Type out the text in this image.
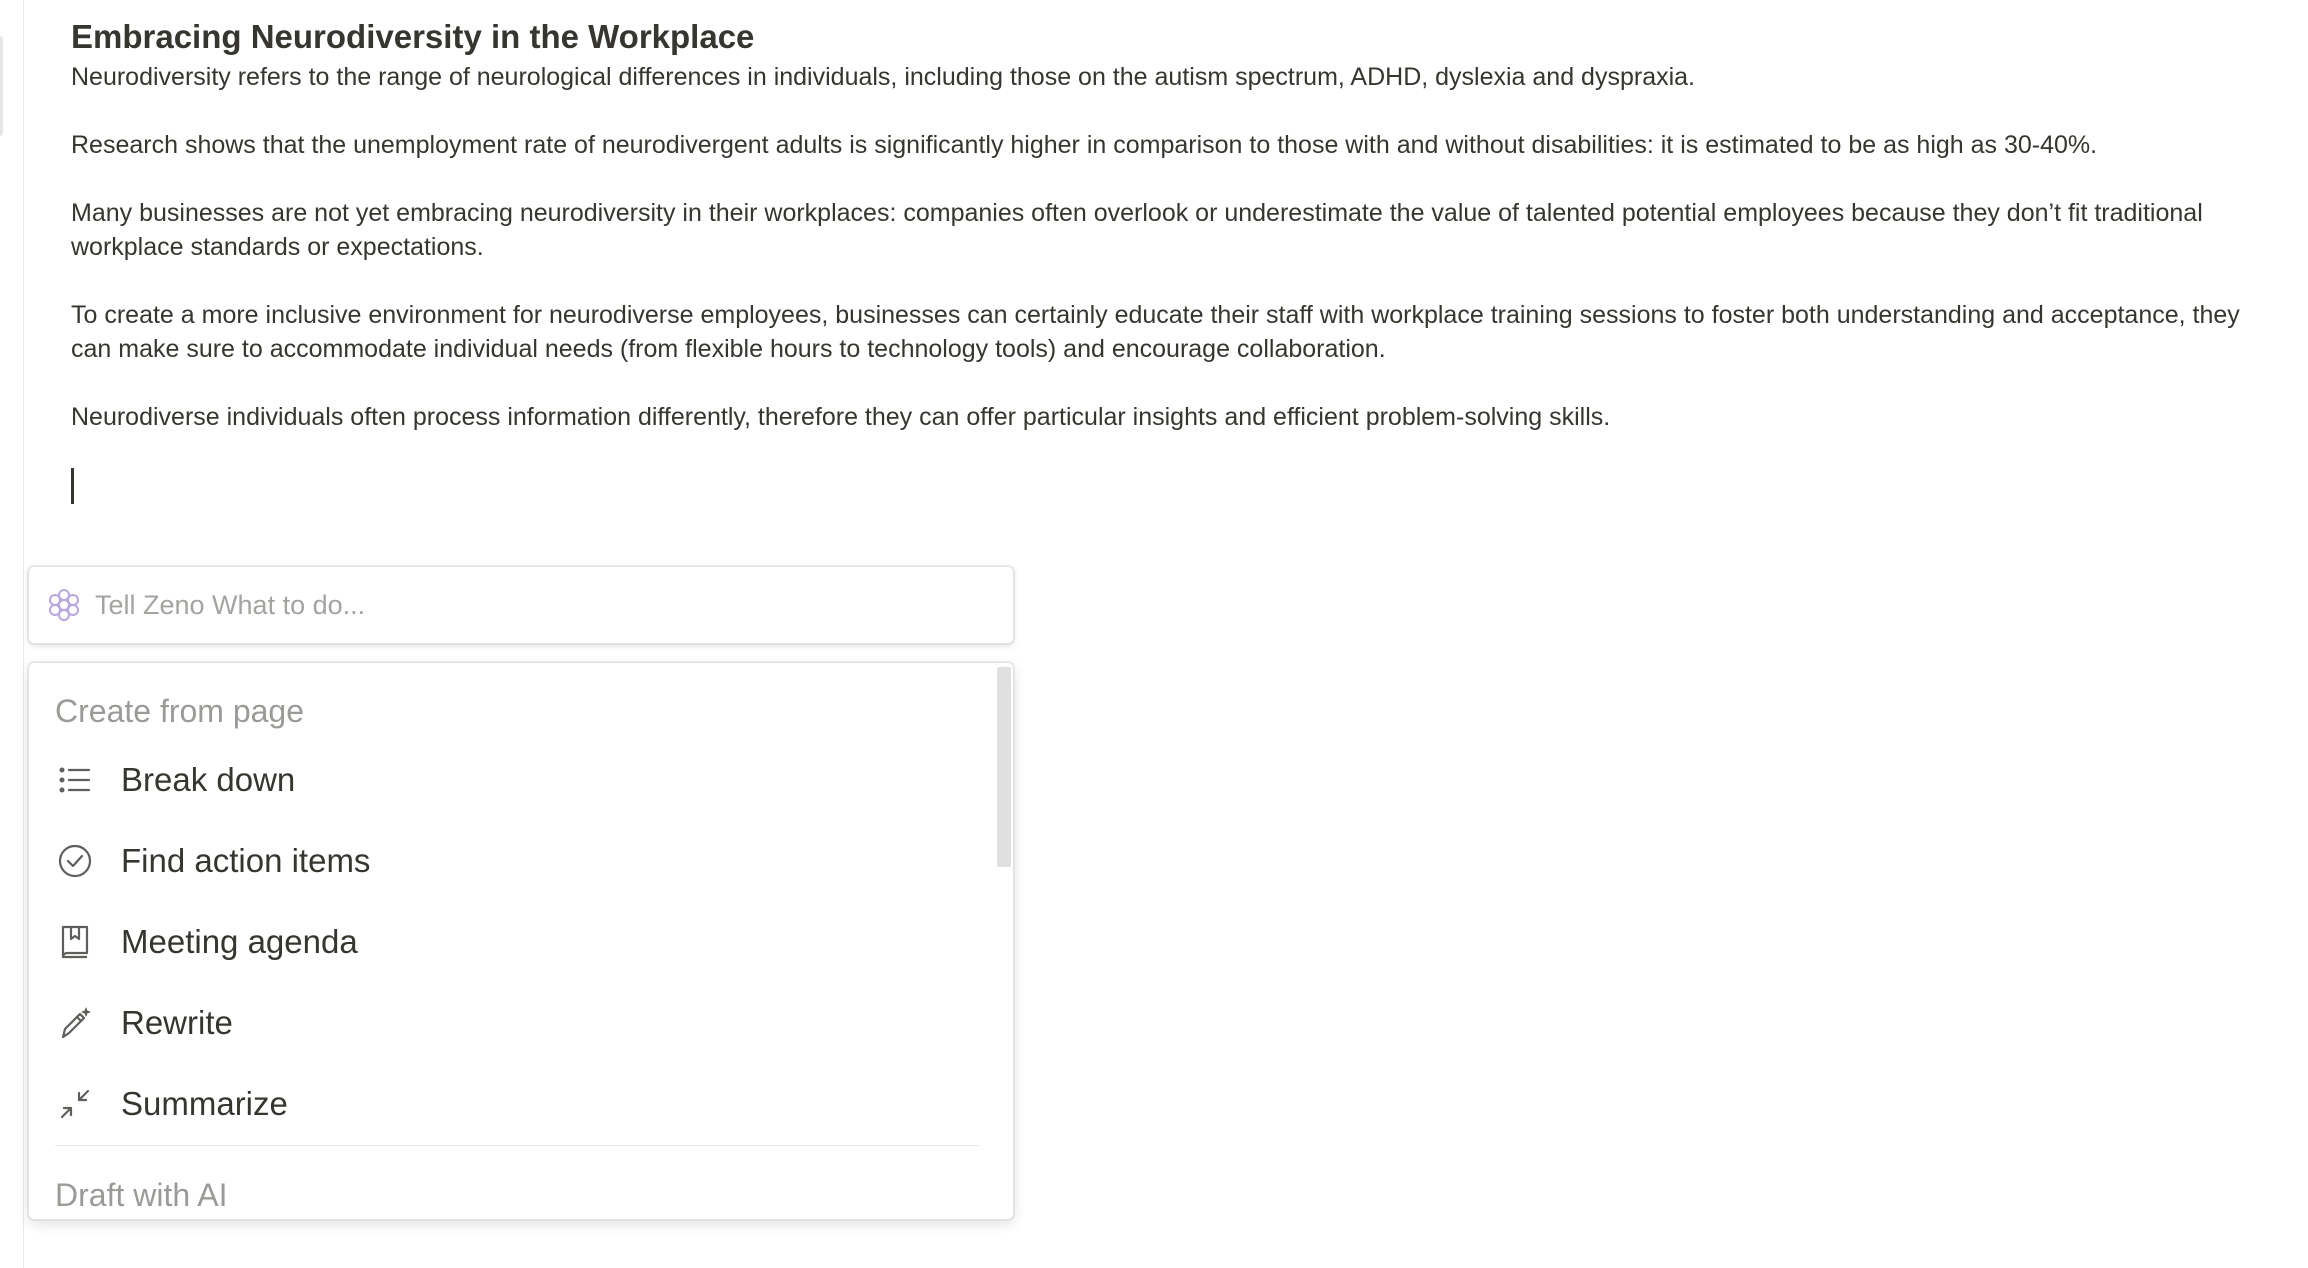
Embracing Neurodiversity in the Workplace

Neurodiversity refers to the range of neurological differences in individuals, including those on the autism spectrum, ADHD, dyslexia and dyspraxia.

Research shows that the unemployment rate of neurodivergent adults is significantly higher in comparison to those with and without disabilities: it is estimated to be as high as 30-40%.

Many businesses are not yet embracing neurodiversity in their workplaces: companies often overlook or underestimate the value of talented potential employees because they don’t fit traditional workplace standards or expectations.

To create a more inclusive environment for neurodiverse employees, businesses can certainly educate their staff with workplace training sessions to foster both understanding and acceptance, they can make sure to accommodate individual needs (from flexible hours to technology tools) and encourage collaboration.

Neurodiverse individuals often process information differently, therefore they can offer particular insights and efficient problem-solving skills.

Tell Zeno What to do...
Create from page
Break down
Find action items
Meeting agenda
Rewrite
Summarize
Draft with AI
